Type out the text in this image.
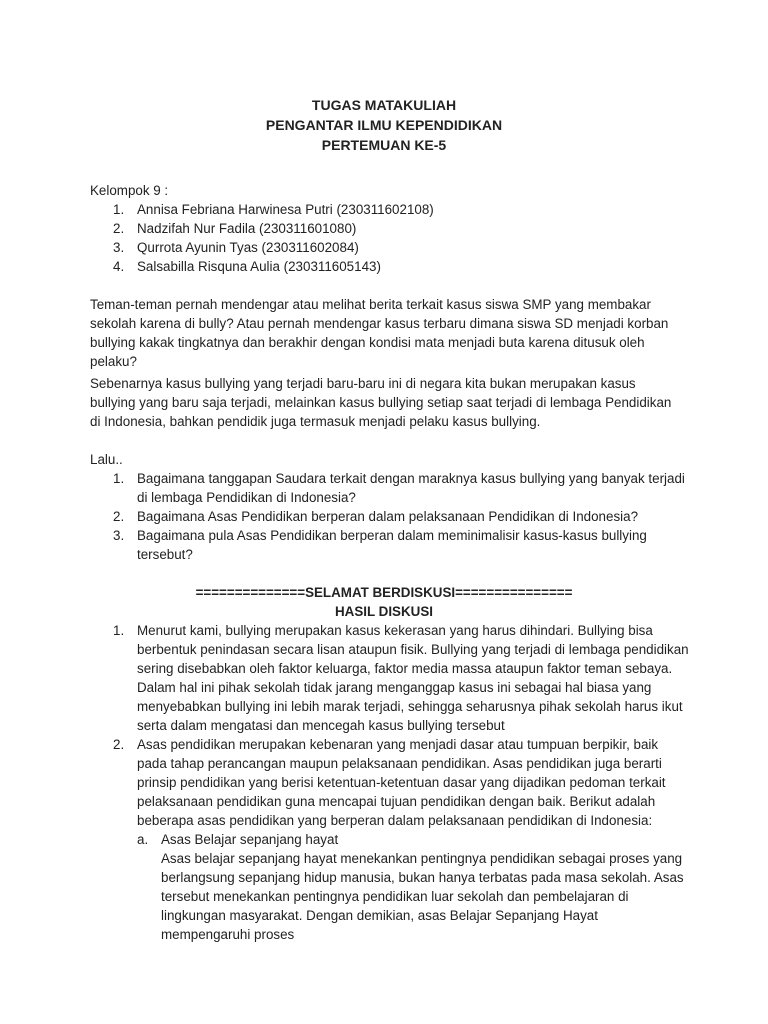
TUGAS MATAKULIAH
PENGANTAR ILMU KEPENDIDIKAN
PERTEMUAN KE-5

Kelompok 9 :

1. Annisa Febriana Harwinesa Putri (230311602108)
2. Nadzifah Nur Fadila (230311601080)
3. Qurrota Ayunin Tyas (230311602084)
4. Salsabilla Risquna Aulia (230311605143)

Teman-teman pernah mendengar atau melihat berita terkait kasus siswa SMP yang membakar sekolah karena di bully? Atau pernah mendengar kasus terbaru dimana siswa SD menjadi korban bullying kakak tingkatnya dan berakhir dengan kondisi mata menjadi buta karena ditusuk oleh pelaku?

Sebenarnya kasus bullying yang terjadi baru-baru ini di negara kita bukan merupakan kasus bullying yang baru saja terjadi, melainkan kasus bullying setiap saat terjadi di lembaga Pendidikan di Indonesia, bahkan pendidik juga termasuk menjadi pelaku kasus bullying.

Lalu..

1. Bagaimana tanggapan Saudara terkait dengan maraknya kasus bullying yang banyak terjadi di lembaga Pendidikan di Indonesia?
2. Bagaimana Asas Pendidikan berperan dalam pelaksanaan Pendidikan di Indonesia?
3. Bagaimana pula Asas Pendidikan berperan dalam meminimalisir kasus-kasus bullying tersebut?
==============SELAMAT BERDISKUSI===============
HASIL DISKUSI
1. Menurut kami, bullying merupakan kasus kekerasan yang harus dihindari. Bullying bisa berbentuk penindasan secara lisan ataupun fisik. Bullying yang terjadi di lembaga pendidikan sering disebabkan oleh faktor keluarga, faktor media massa ataupun faktor teman sebaya. Dalam hal ini pihak sekolah tidak jarang menganggap kasus ini sebagai hal biasa yang menyebabkan bullying ini lebih marak terjadi, sehingga seharusnya pihak sekolah harus ikut serta dalam mengatasi dan mencegah kasus bullying tersebut
2. Asas pendidikan merupakan kebenaran yang menjadi dasar atau tumpuan berpikir, baik pada tahap perancangan maupun pelaksanaan pendidikan. Asas pendidikan juga berarti prinsip pendidikan yang berisi ketentuan-ketentuan dasar yang dijadikan pedoman terkait pelaksanaan pendidikan guna mencapai tujuan pendidikan dengan baik. Berikut adalah beberapa asas pendidikan yang berperan dalam pelaksanaan pendidikan di Indonesia:
a. Asas Belajar sepanjang hayat
Asas belajar sepanjang hayat menekankan pentingnya pendidikan sebagai proses yang berlangsung sepanjang hidup manusia, bukan hanya terbatas pada masa sekolah. Asas tersebut menekankan pentingnya pendidikan luar sekolah dan pembelajaran di lingkungan masyarakat. Dengan demikian, asas Belajar Sepanjang Hayat mempengaruhi proses
